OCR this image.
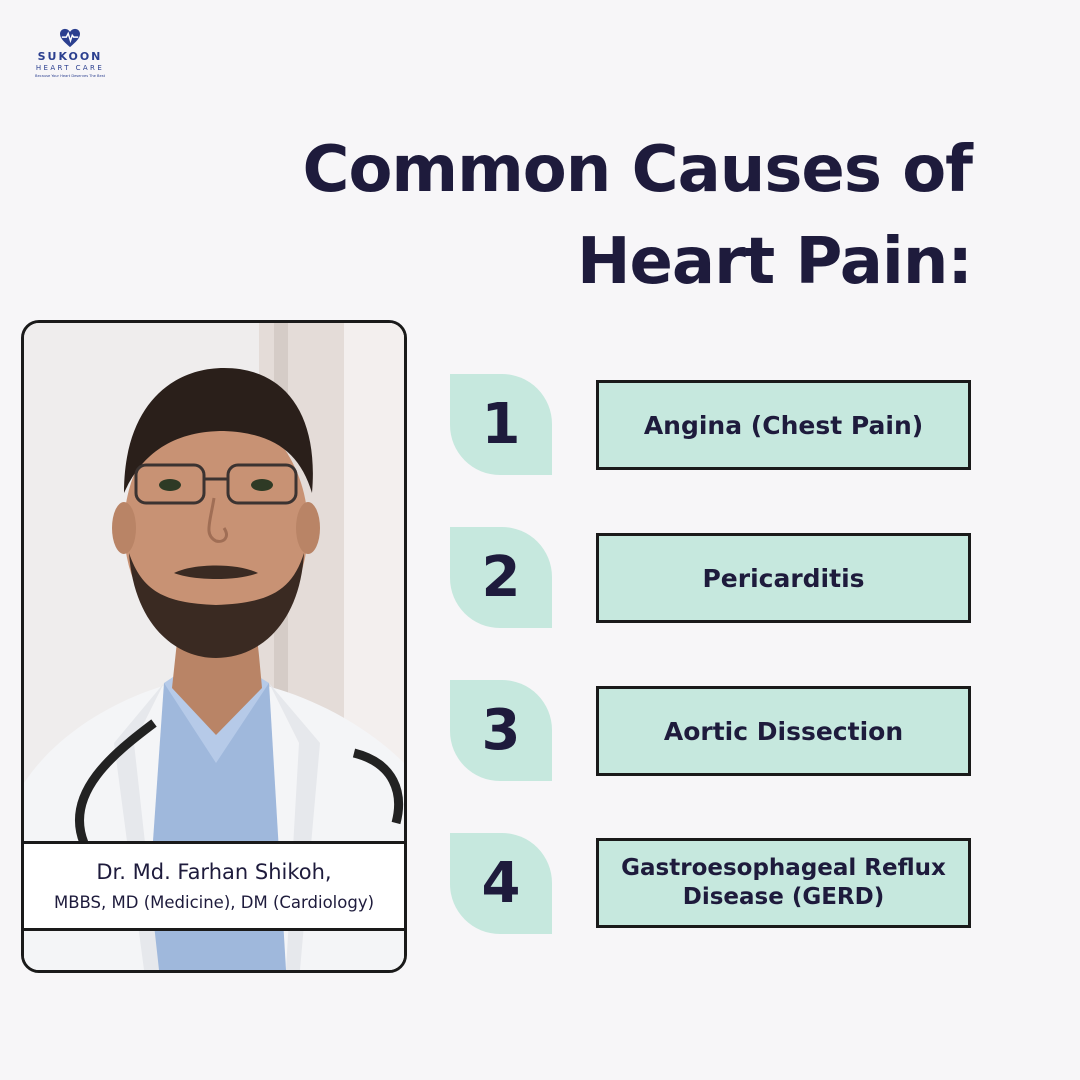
SUKOON
HEART CARE
Because Your Heart Deserves The Best
Common Causes of
Heart Pain:
Dr. Md. Farhan Shikoh,
MBBS, MD (Medicine), DM (Cardiology)
1	Angina (Chest Pain)
2	Pericarditis
3	Aortic Dissection
4	Gastroesophageal Reflux Disease (GERD)
